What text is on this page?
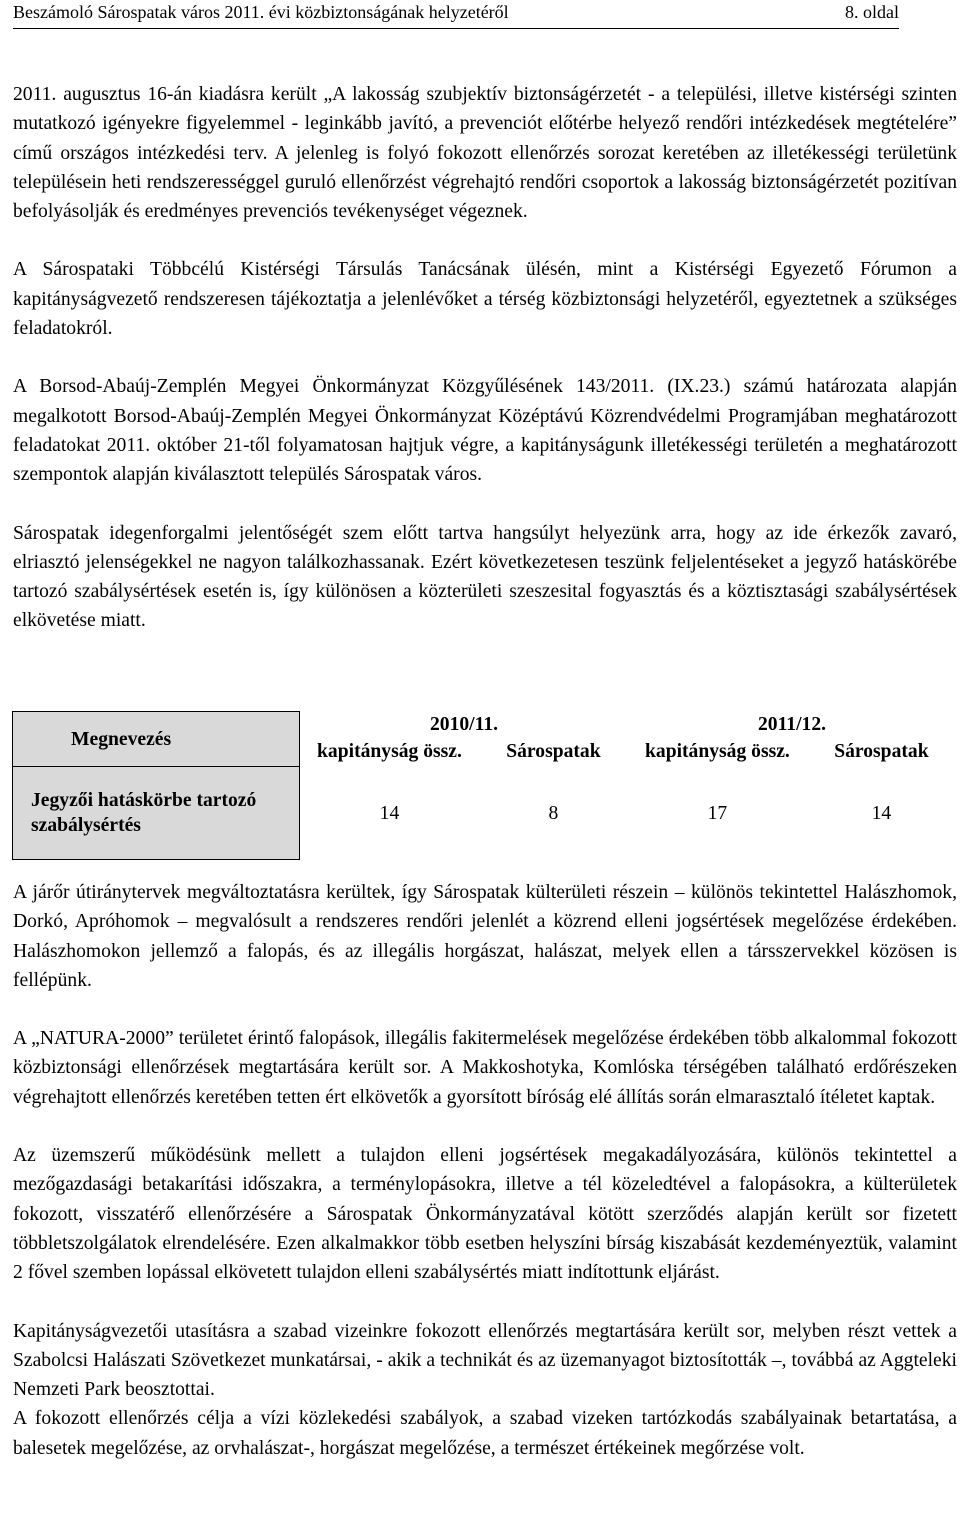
Beszámoló Sárospatak város 2011. évi közbiztonságának helyzetéről	8. oldal

2011. augusztus 16-án kiadásra került „A lakosság szubjektív biztonságérzetét - a települési, illetve kistérségi szinten mutatkozó igényekre figyelemmel - leginkább javító, a prevenciót előtérbe helyező rendőri intézkedések megtételére” című országos intézkedési terv. A jelenleg is folyó fokozott ellenőrzés sorozat keretében az illetékességi területünk településein heti rendszerességgel guruló ellenőrzést végrehajtó rendőri csoportok a lakosság biztonságérzetét pozitívan befolyásolják és eredményes prevenciós tevékenységet végeznek.

A Sárospataki Többcélú Kistérségi Társulás Tanácsának ülésén, mint a Kistérségi Egyezető Fórumon a kapitányságvezető rendszeresen tájékoztatja a jelenlévőket a térség közbiztonsági helyzetéről, egyeztetnek a szükséges feladatokról.

A Borsod-Abaúj-Zemplén Megyei Önkormányzat Közgyűlésének 143/2011. (IX.23.) számú határozata alapján megalkotott Borsod-Abaúj-Zemplén Megyei Önkormányzat Középtávú Közrendvédelmi Programjában meghatározott feladatokat 2011. október 21-től folyamatosan hajtjuk végre, a kapitányságunk illetékességi területén a meghatározott szempontok alapján kiválasztott település Sárospatak város.

Sárospatak idegenforgalmi jelentőségét szem előtt tartva hangsúlyt helyezünk arra, hogy az ide érkezők zavaró, elriasztó jelenségekkel ne nagyon találkozhassanak. Ezért következetesen teszünk feljelentéseket a jegyző hatáskörébe tartozó szabálysértések esetén is, így különösen a közterületi szeszesital fogyasztás és a köztisztasági szabálysértések elkövetése miatt.

Megnevezés	2010/11.		2011/12.	
	kapitányság össz.	Sárospatak	kapitányság össz.	Sárospatak
Jegyzői hatáskörbe tartozó szabálysértés	14	8	17	14

A járőr útiránytervek megváltoztatásra kerültek, így Sárospatak külterületi részein – különös tekintettel Halászhomok, Dorkó, Apróhomok – megvalósult a rendszeres rendőri jelenlét a közrend elleni jogsértések megelőzése érdekében. Halászhomokon jellemző a falopás, és az illegális horgászat, halászat, melyek ellen a társszervekkel közösen is fellépünk.

A „NATURA-2000” területet érintő falopások, illegális fakitermelések megelőzése érdekében több alkalommal fokozott közbiztonsági ellenőrzések megtartására került sor. A Makkoshotyka, Komlóska térségében található erdőrészeken végrehajtott ellenőrzés keretében tetten ért elkövetők a gyorsított bíróság elé állítás során elmarasztaló ítéletet kaptak.

Az üzemszerű működésünk mellett a tulajdon elleni jogsértések megakadályozására, különös tekintettel a mezőgazdasági betakarítási időszakra, a terménylopásokra, illetve a tél közeledtével a falopásokra, a külterületek fokozott, visszatérő ellenőrzésére a Sárospatak Önkormányzatával kötött szerződés alapján került sor fizetett többletszolgálatok elrendelésére. Ezen alkalmakkor több esetben helyszíni bírság kiszabását kezdeményeztük, valamint 2 fővel szemben lopással elkövetett tulajdon elleni szabálysértés miatt indítottunk eljárást.

Kapitányságvezetői utasításra a szabad vizeinkre fokozott ellenőrzés megtartására került sor, melyben részt vettek a Szabolcsi Halászati Szövetkezet munkatársai, - akik a technikát és az üzemanyagot biztosították –, továbbá az Aggteleki Nemzeti Park beosztottai.

A fokozott ellenőrzés célja a vízi közlekedési szabályok, a szabad vizeken tartózkodás szabályainak betartatása, a balesetek megelőzése, az orvhalászat-, horgászat megelőzése, a természet értékeinek megőrzése volt.
